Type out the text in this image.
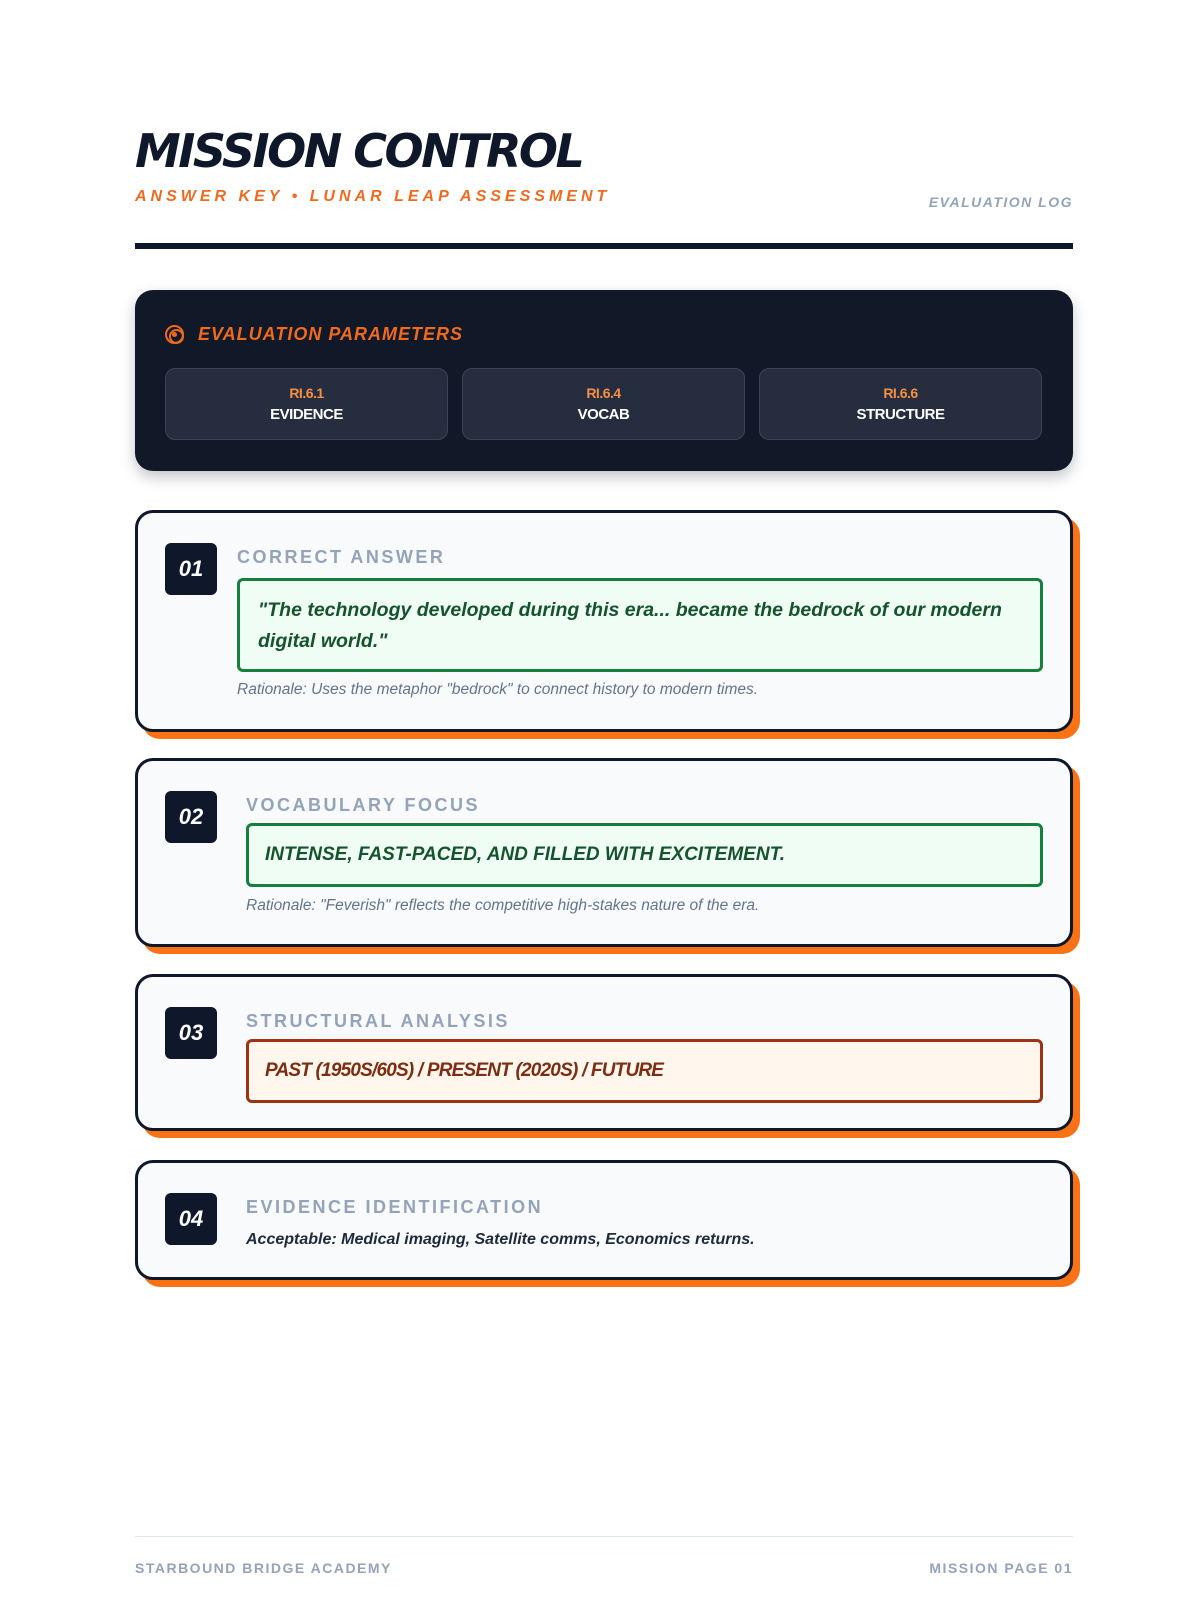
MISSION CONTROL
ANSWER KEY • LUNAR LEAP ASSESSMENT	EVALUATION LOG
EVALUATION PARAMETERS
RI.6.1
EVIDENCE
RI.6.4
VOCAB
RI.6.6
STRUCTURE
01	CORRECT ANSWER
"The technology developed during this era... became the bedrock of our modern digital world."
Rationale: Uses the metaphor "bedrock" to connect history to modern times.
02	VOCABULARY FOCUS
INTENSE, FAST-PACED, AND FILLED WITH EXCITEMENT.
Rationale: "Feverish" reflects the competitive high-stakes nature of the era.
03	STRUCTURAL ANALYSIS
PAST (1950S/60S) / PRESENT (2020S) / FUTURE
04	EVIDENCE IDENTIFICATION
Acceptable: Medical imaging, Satellite comms, Economics returns.
STARBOUND BRIDGE ACADEMY	MISSION PAGE 01
